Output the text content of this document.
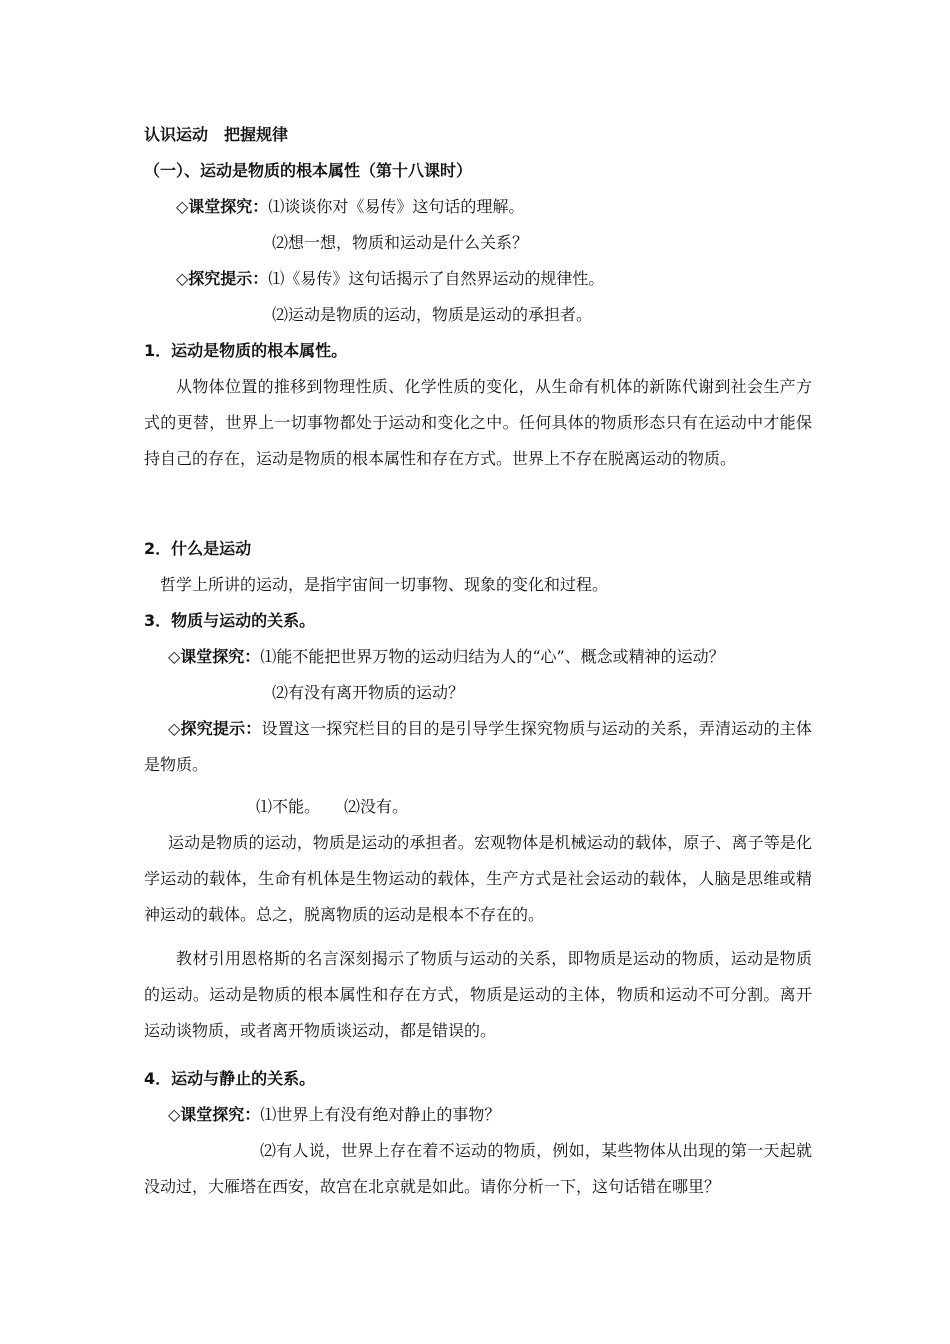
认识运动　把握规律
（一）、运动是物质的根本属性（第十八课时）
◇课堂探究：⑴谈谈你对《易传》这句话的理解。
⑵想一想，物质和运动是什么关系？
◇探究提示：⑴《易传》这句话揭示了自然界运动的规律性。
⑵运动是物质的运动，物质是运动的承担者。
1．运动是物质的根本属性。
从物体位置的推移到物理性质、化学性质的变化，从生命有机体的新陈代谢到社会生产方式的更替，世界上一切事物都处于运动和变化之中。任何具体的物质形态只有在运动中才能保持自己的存在，运动是物质的根本属性和存在方式。世界上不存在脱离运动的物质。
2．什么是运动
哲学上所讲的运动，是指宇宙间一切事物、现象的变化和过程。
3．物质与运动的关系。
◇课堂探究：⑴能不能把世界万物的运动归结为人的“心”、概念或精神的运动？
⑵有没有离开物质的运动？
◇探究提示：设置这一探究栏目的目的是引导学生探究物质与运动的关系，弄清运动的主体是物质。
⑴不能。　　⑵没有。
运动是物质的运动，物质是运动的承担者。宏观物体是机械运动的载体，原子、离子等是化学运动的载体，生命有机体是生物运动的载体，生产方式是社会运动的载体，人脑是思维或精神运动的载体。总之，脱离物质的运动是根本不存在的。
教材引用恩格斯的名言深刻揭示了物质与运动的关系，即物质是运动的物质，运动是物质的运动。运动是物质的根本属性和存在方式，物质是运动的主体，物质和运动不可分割。离开运动谈物质，或者离开物质谈运动，都是错误的。
4．运动与静止的关系。
◇课堂探究：⑴世界上有没有绝对静止的事物？
⑵有人说，世界上存在着不运动的物质，例如，某些物体从出现的第一天起就没动过，大雁塔在西安，故宫在北京就是如此。请你分析一下，这句话错在哪里？
